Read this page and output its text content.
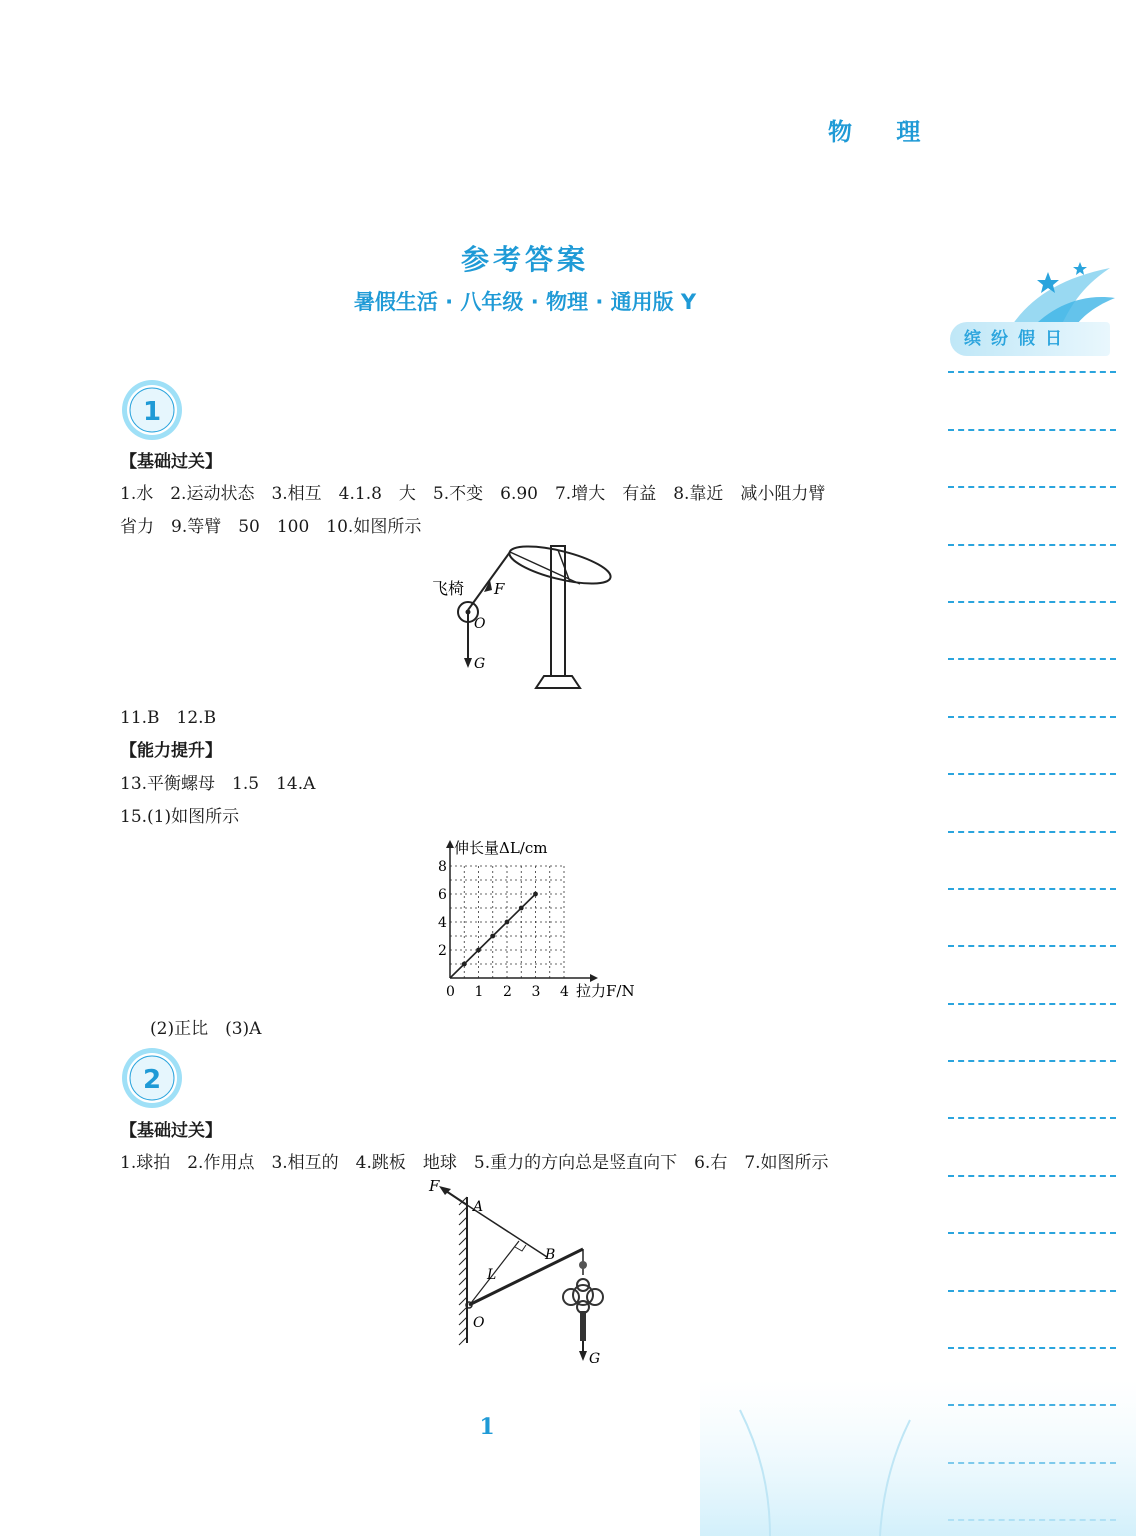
物 理
缤纷假日
参考答案
暑假生活 · 八年级 · 物理 · 通用版 Y
1
【基础过关】
1.水　2.运动状态　3.相互　4.1.8　大　5.不变　6.90　7.增大　有益　8.靠近　减小阻力臂
省力　9.等臂　50　100　10.如图所示
飞椅 F
O
G
11.B　12.B
【能力提升】
13.平衡螺母　1.5　14.A
15.(1)如图所示
伸长量ΔL/cm
拉力F/N
0 1 2 3 4
2
4
6
8
(2)正比　(3)A
2
【基础过关】
1.球拍　2.作用点　3.相互的　4.跳板　地球　5.重力的方向总是竖直向下　6.右　7.如图所示
F
A
B
L
O
G
1
